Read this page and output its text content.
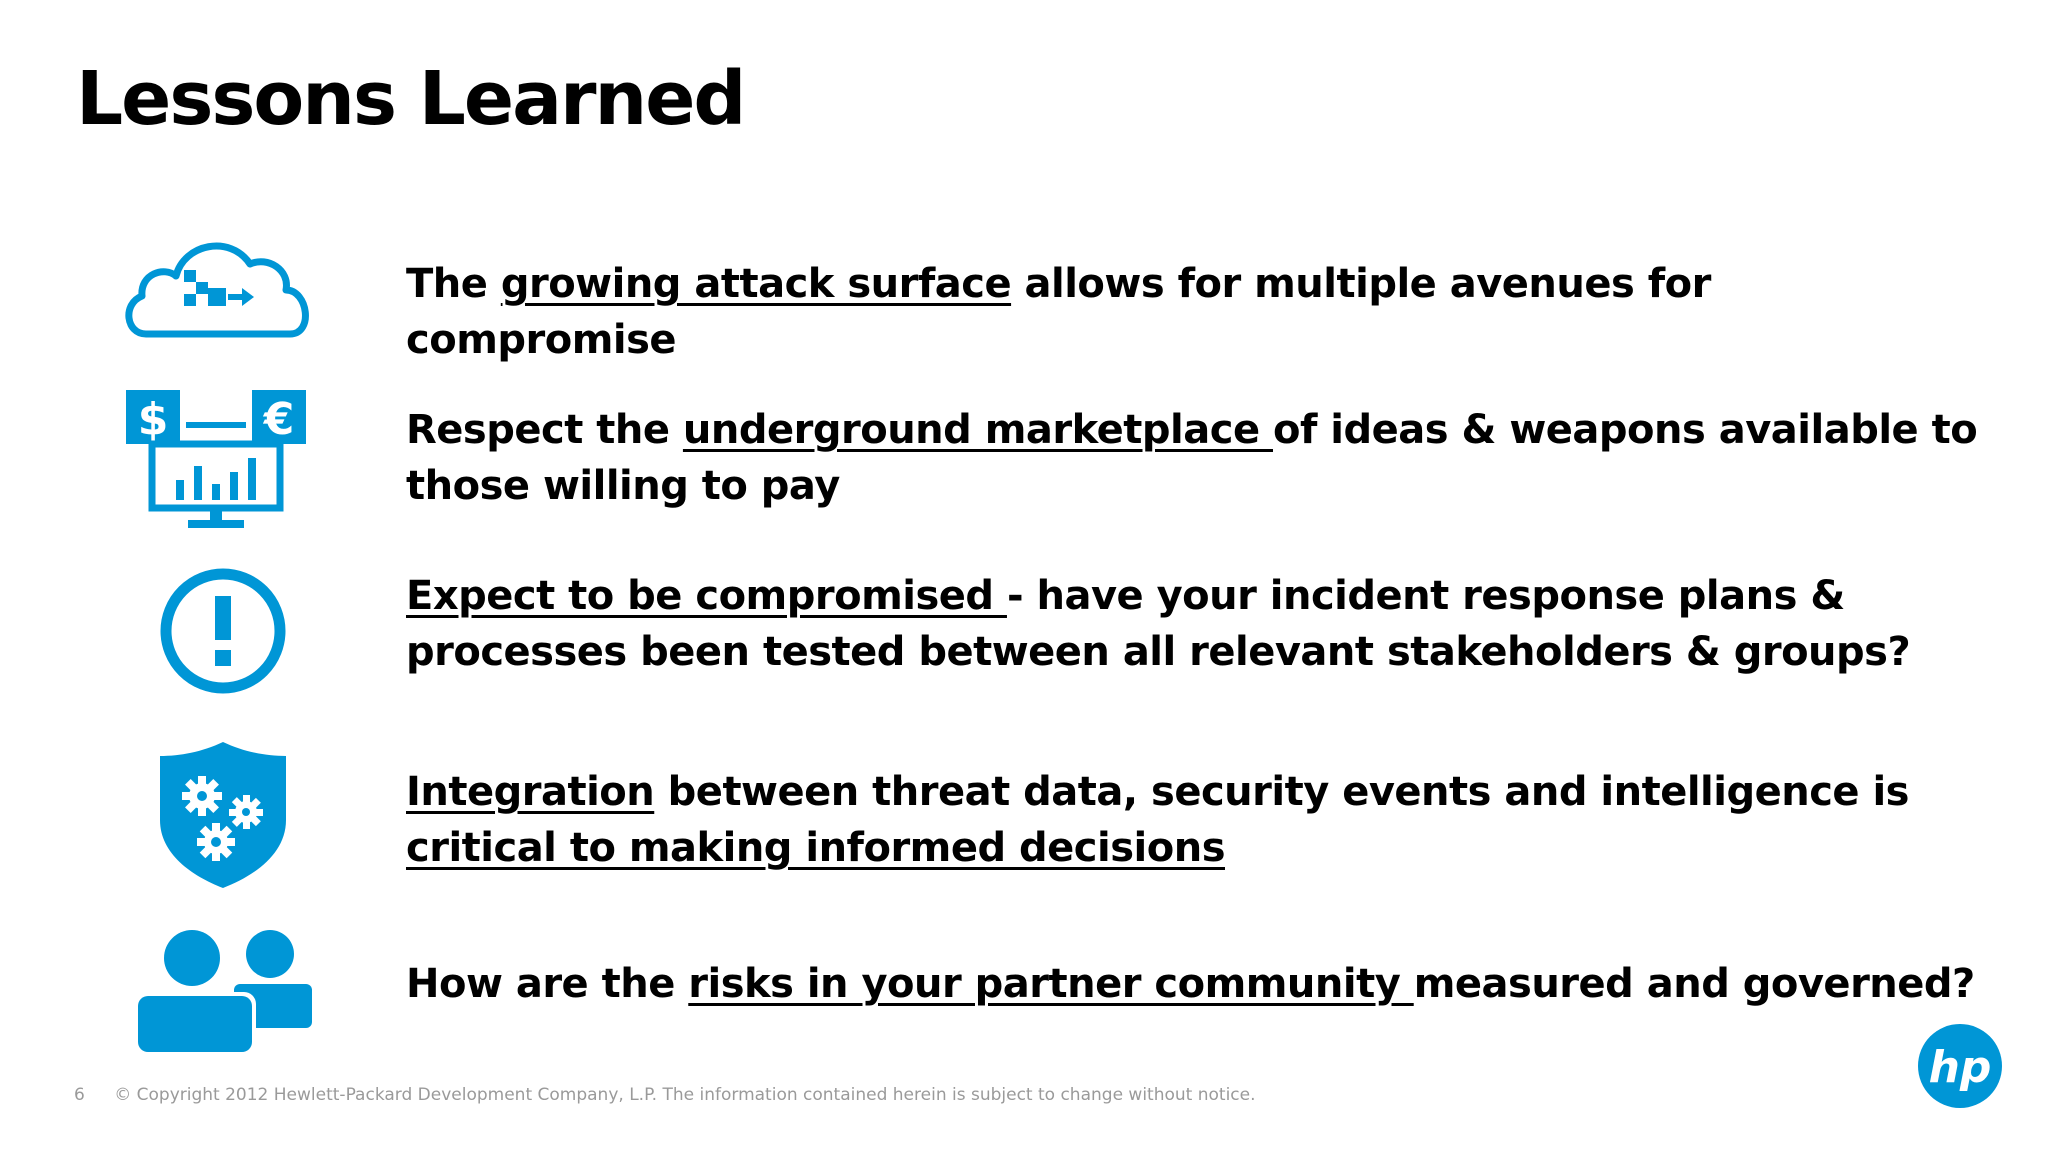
Lessons Learned
The growing attack surface allows for multiple avenues for compromise
$ €	Respect the underground marketplace of ideas & weapons available to those willing to pay
Expect to be compromised - have your incident response plans & processes been tested between all relevant stakeholders & groups?
Integration between threat data, security events and intelligence is critical to making informed decisions
How are the risks in your partner community measured and governed?
6 © Copyright 2012 Hewlett-Packard Development Company, L.P. The information contained herein is subject to change without notice.
hp
